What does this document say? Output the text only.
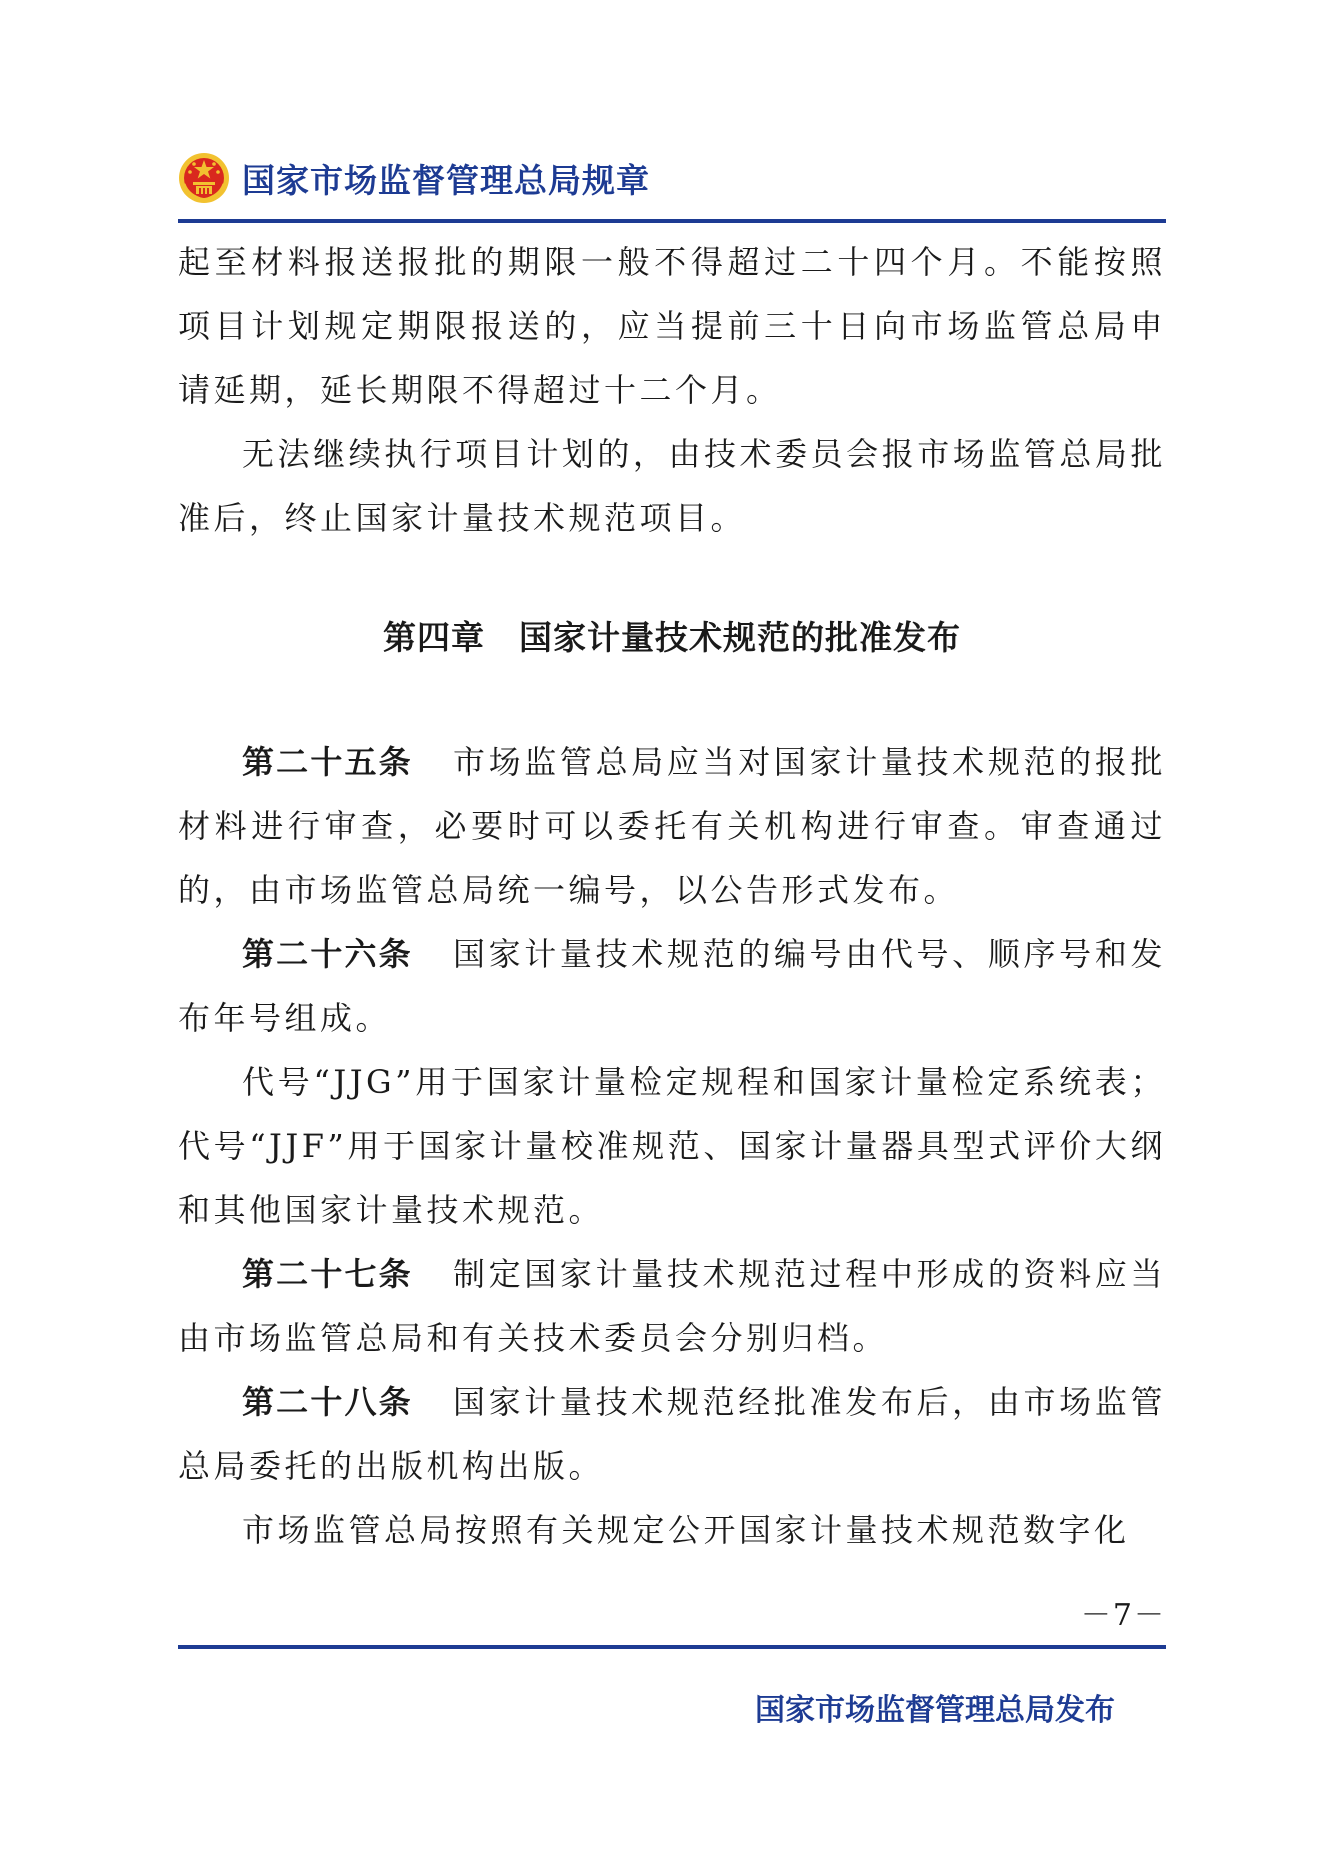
国家市场监督管理总局规章

起至材料报送报批的期限一般不得超过二十四个月。不能按照项目计划规定期限报送的，应当提前三十日向市场监管总局申请延期，延长期限不得超过十二个月。

无法继续执行项目计划的，由技术委员会报市场监管总局批准后，终止国家计量技术规范项目。

第四章　国家计量技术规范的批准发布

第二十五条 市场监管总局应当对国家计量技术规范的报批材料进行审查，必要时可以委托有关机构进行审查。审查通过的，由市场监管总局统一编号，以公告形式发布。

第二十六条 国家计量技术规范的编号由代号、顺序号和发布年号组成。

代号“JJG”用于国家计量检定规程和国家计量检定系统表；代号“JJF”用于国家计量校准规范、国家计量器具型式评价大纲和其他国家计量技术规范。

第二十七条 制定国家计量技术规范过程中形成的资料应当由市场监管总局和有关技术委员会分别归档。

第二十八条 国家计量技术规范经批准发布后，由市场监管总局委托的出版机构出版。

市场监管总局按照有关规定公开国家计量技术规范数字化

－7－
国家市场监督管理总局发布
